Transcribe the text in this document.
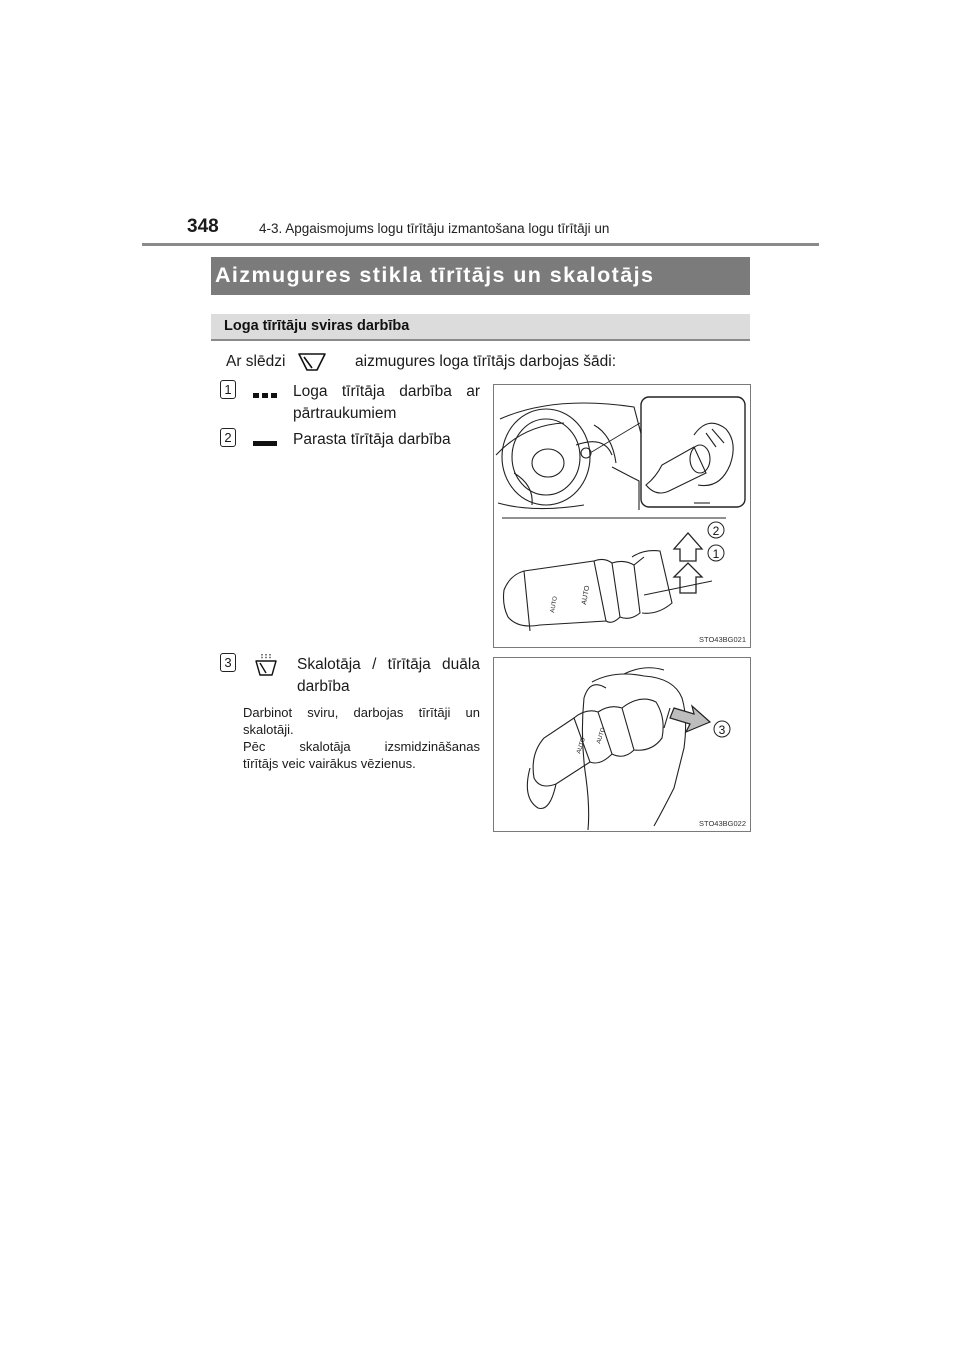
348	4-3. Apgaismojums logu tīrītāju izmantošana logu tīrītāji un
Aizmugures stikla tīrītājs un skalotājs
Loga tīrītāju sviras darbība
Ar slēdzi	aizmugures loga tīrītājs darbojas šādi:
1	Loga tīrītāja darbība ar
pārtraukumiem
2	Parasta tīrītāja darbība
AUTO
AUTO
2
1
STO43BG021
3	Skalotāja / tīrītāja duāla
darbība
Darbinot sviru, darbojas tīrītāji un
skalotāji.
Pēc skalotāja izsmidzināšanas
tīrītājs veic vairākus vēzienus.
AUTO
AUTO	3
STO43BG022
